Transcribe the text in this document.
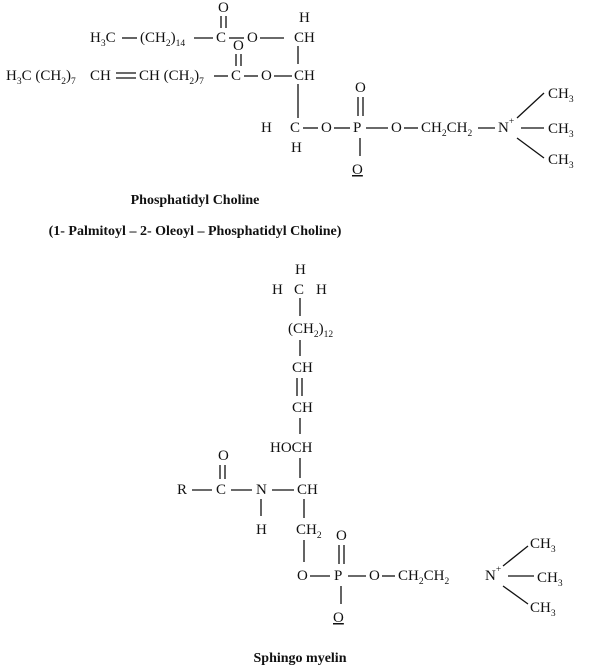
$H_3C$ $(CH_2)_{14}$ C
O
O
H
CH
$H_3C$ $(CH_2)_7$ CH CH $(CH_2)_7$ C
O
O CH
H C
H
O P
O
O
O $CH_2CH_2$ N+
$CH_3$
$CH_3$
$CH_3$
Phosphatidyl Choline
(1- Palmitoyl – 2- Oleoyl – Phosphatidyl Choline)
H
H C H
$(CH_2)_{12}$
CH
CH
HOCH
CH
R C
O
N
H $CH_2$
O P
O
O
O $CH_2CH_2$ N+
$CH_3$
$CH_3$
$CH_3$
Sphingo myelin
